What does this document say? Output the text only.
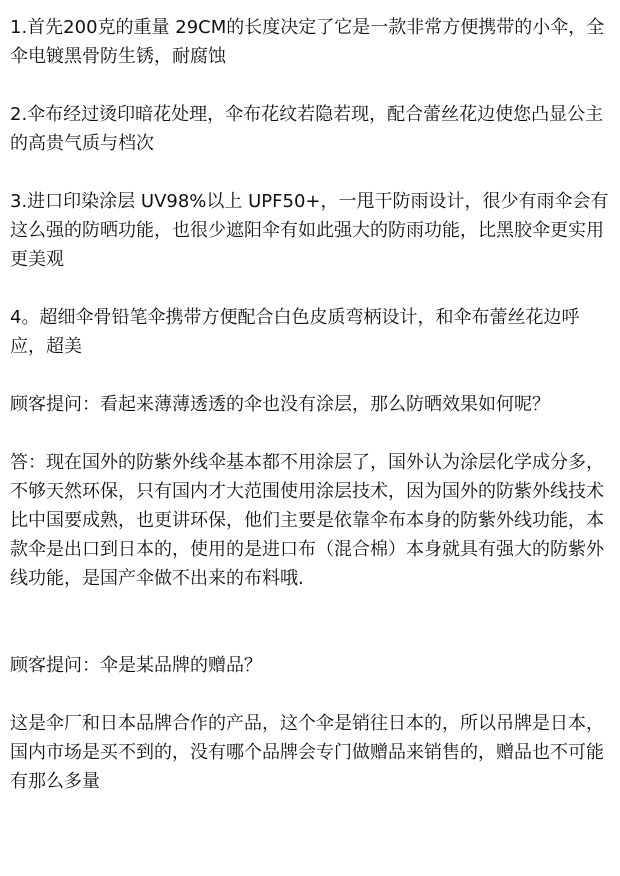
1.首先200克的重量 29CM的长度决定了它是一款非常方便携带的小伞，全伞电镀黑骨防生锈，耐腐蚀

2.伞布经过烫印暗花处理，伞布花纹若隐若现，配合蕾丝花边使您凸显公主的高贵气质与档次

3.进口印染涂层 UV98%以上 UPF50+，一甩干防雨设计，很少有雨伞会有这么强的防晒功能，也很少遮阳伞有如此强大的防雨功能，比黑胶伞更实用更美观

4。超细伞骨铅笔伞携带方便配合白色皮质弯柄设计，和伞布蕾丝花边呼应，超美

顾客提问：看起来薄薄透透的伞也没有涂层，那么防晒效果如何呢？

答：现在国外的防紫外线伞基本都不用涂层了，国外认为涂层化学成分多，不够天然环保，只有国内才大范围使用涂层技术，因为国外的防紫外线技术比中国要成熟，也更讲环保，他们主要是依靠伞布本身的防紫外线功能，本款伞是出口到日本的，使用的是进口布（混合棉）本身就具有强大的防紫外线功能，是国产伞做不出来的布料哦.

顾客提问：伞是某品牌的赠品？

这是伞厂和日本品牌合作的产品，这个伞是销往日本的，所以吊牌是日本，国内市场是买不到的，没有哪个品牌会专门做赠品来销售的，赠品也不可能有那么多量
